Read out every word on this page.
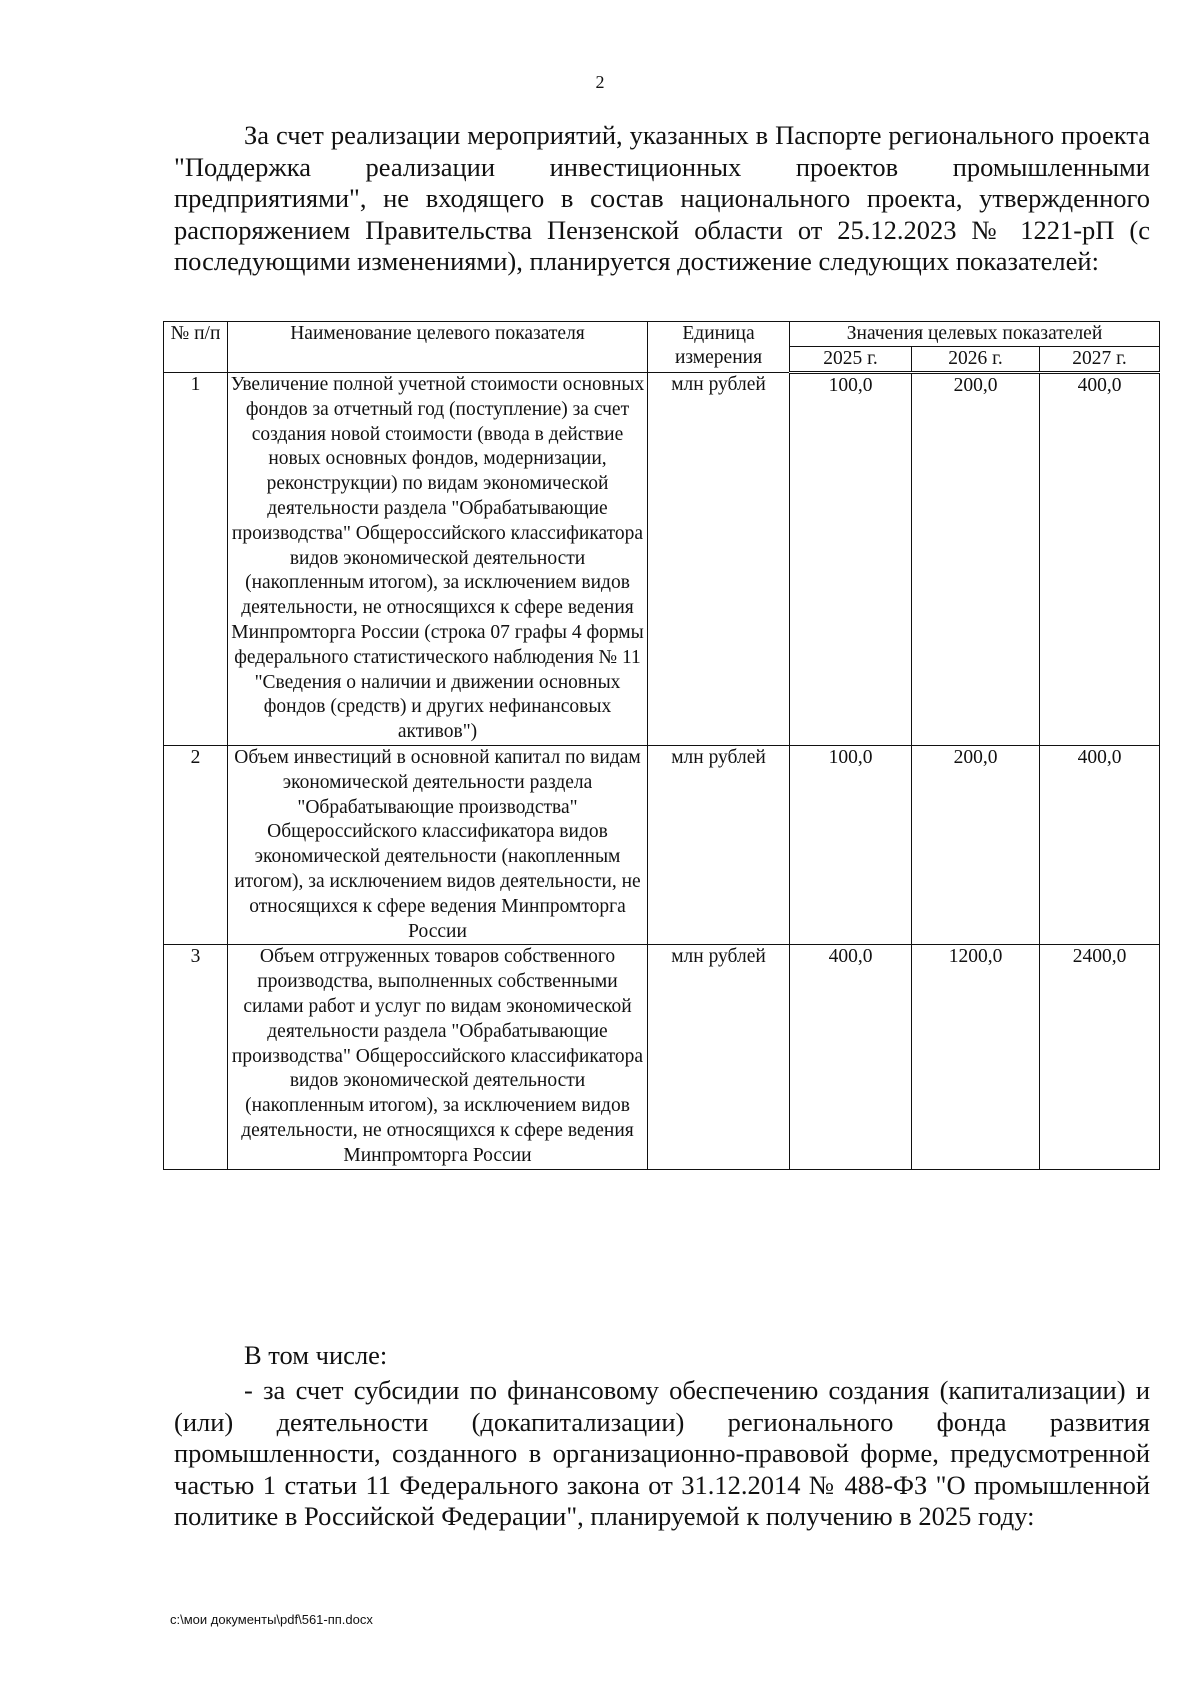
2

За счет реализации мероприятий, указанных в Паспорте регионального проекта "Поддержка реализации инвестиционных проектов промышленными предприятиями", не входящего в состав национального проекта, утвержденного распоряжением Правительства Пензенской области от 25.12.2023 № 1221-рП (с последующими изменениями), планируется достижение следующих показателей:

№ п/п	Наименование целевого показателя	Единица измерения	Значения целевых показателей		
			2025 г.	2026 г.	2027 г.
1	Увеличение полной учетной стоимости основных фондов за отчетный год (поступление) за счет создания новой стоимости (ввода в действие новых основных фондов, модернизации, реконструкции) по видам экономической деятельности раздела "Обрабатывающие производства" Общероссийского классификатора видов экономической деятельности (накопленным итогом), за исключением видов деятельности, не относящихся к сфере ведения Минпромторга России (строка 07 графы 4 формы федерального статистического наблюдения № 11 "Сведения о наличии и движении основных фондов (средств) и других нефинансовых активов")	млн рублей	100,0	200,0	400,0
2	Объем инвестиций в основной капитал по видам экономической деятельности раздела "Обрабатывающие производства" Общероссийского классификатора видов экономической деятельности (накопленным итогом), за исключением видов деятельности, не относящихся к сфере ведения Минпромторга России	млн рублей	100,0	200,0	400,0
3	Объем отгруженных товаров собственного производства, выполненных собственными силами работ и услуг по видам экономической деятельности раздела "Обрабатывающие производства" Общероссийского классификатора видов экономической деятельности (накопленным итогом), за исключением видов деятельности, не относящихся к сфере ведения Минпромторга России	млн рублей	400,0	1200,0	2400,0
В том числе:

- за счет субсидии по финансовому обеспечению создания (капитализации) и (или) деятельности (докапитализации) регионального фонда развития промышленности, созданного в организационно-правовой форме, предусмотренной частью 1 статьи 11 Федерального закона от 31.12.2014 № 488-ФЗ "О промышленной политике в Российской Федерации", планируемой к получению в 2025 году:

c:\мои документы\pdf\561-пп.docx
